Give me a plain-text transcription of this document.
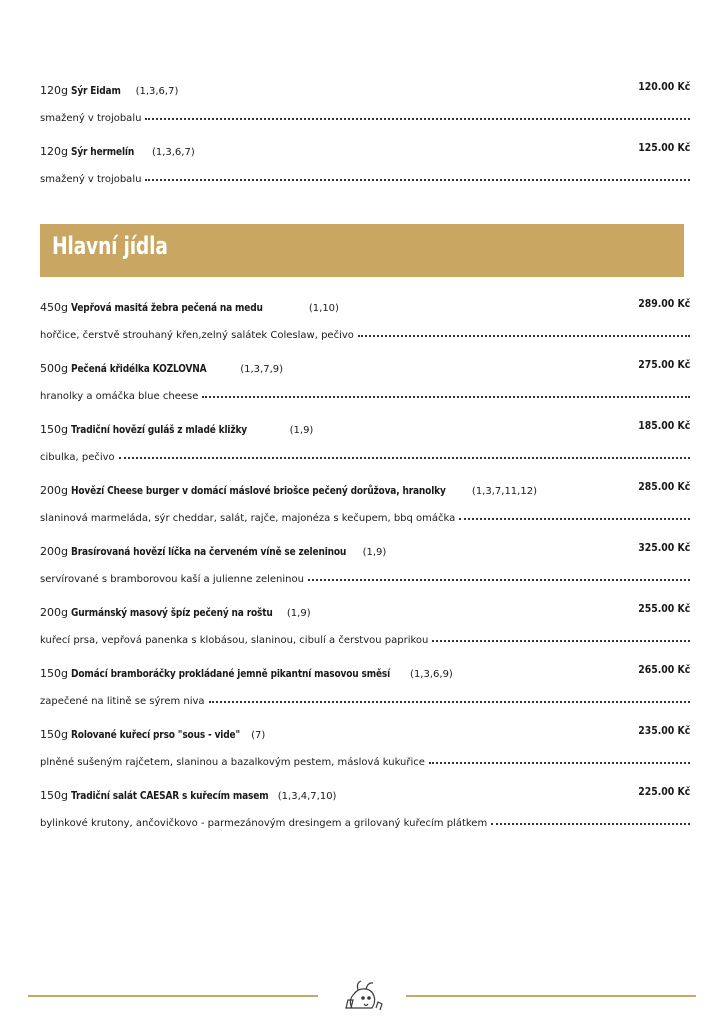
120g Sýr Eidam (1,3,6,7)	120.00 Kč
smažený v trojobalu
120g Sýr hermelín (1,3,6,7)	125.00 Kč
smažený v trojobalu
Hlavní jídla
450g Vepřová masitá žebra pečená na medu	(1,10)	289.00 Kč
hořčice, čerstvě strouhaný křen,zelný salátek Coleslaw, pečivo
500g Pečená křidélka KOZLOVNA	(1,3,7,9)	275.00 Kč
hranolky a omáčka blue cheese
150g Tradiční hovězí guláš z mladé kližky	(1,9)	185.00 Kč
cibulka, pečivo
200g Hovězí Cheese burger v domácí máslové briošce pečený dorůžova, hranolky	(1,3,7,11,12)	285.00 Kč
slaninová marmeláda, sýr cheddar, salát, rajče, majonéza s kečupem, bbq omáčka
200g Brasírovaná hovězí líčka na červeném víně se zeleninou (1,9)	325.00 Kč
servírované s bramborovou kaší a julienne zeleninou
200g Gurmánský masový špíz pečený na roštu (1,9)	255.00 Kč
kuřecí prsa, vepřová panenka s klobásou, slaninou, cibulí a čerstvou paprikou
150g Domácí bramboráčky prokládané jemně pikantní masovou směsí (1,3,6,9)	265.00 Kč
zapečené na litině se sýrem niva
150g Rolované kuřecí prso "sous - vide" (7)	235.00 Kč
plněné sušeným rajčetem, slaninou a bazalkovým pestem, máslová kukuřice
150g Tradiční salát CAESAR s kuřecím masem (1,3,4,7,10)	225.00 Kč
bylinkové krutony, ančovičkovo - parmezánovým dresingem a grilovaný kuřecím plátkem
